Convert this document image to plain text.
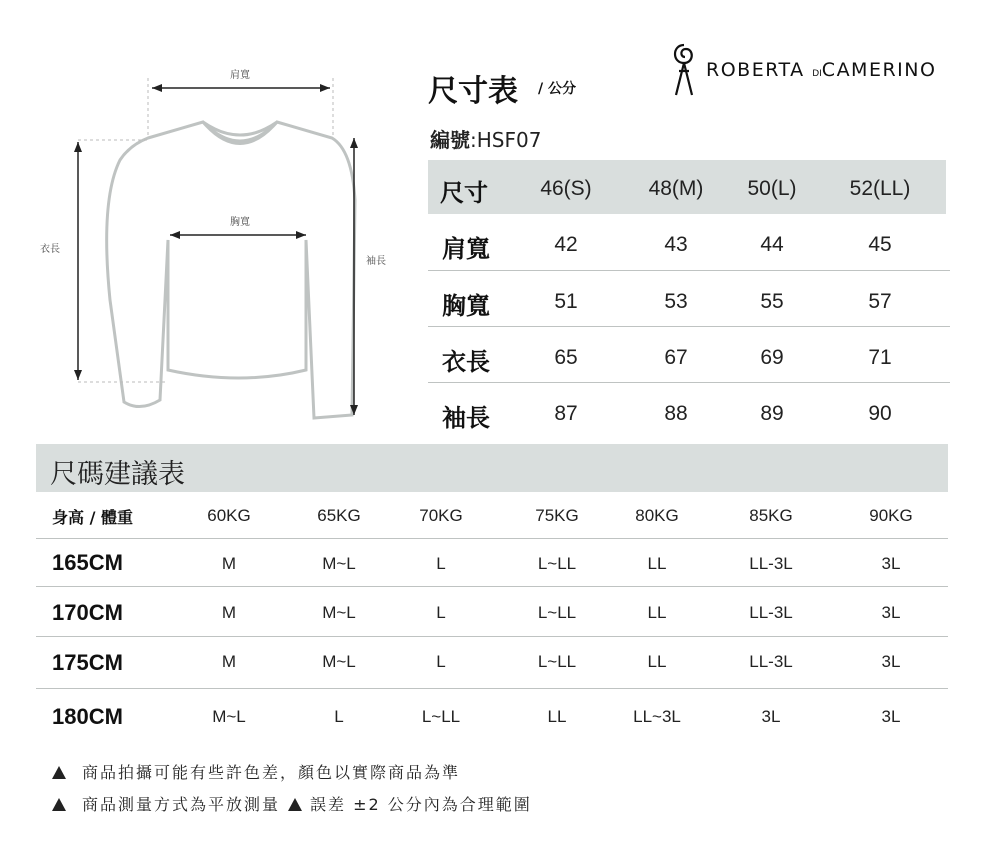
肩寬
胸寬
衣長
袖長
尺寸表 / 公分
編號:HSF07
ROBERTA DICAMERINO
尺寸	46(S)	48(M)	50(L)	52(LL)
肩寬	42	43	44	45
胸寬	51	53	55	57
衣長	65	67	69	71
袖長	87	88	89	90
尺碼建議表
身高 / 體重	60KG	65KG	70KG	75KG	80KG	85KG	90KG
165CM	M	M~L	L	L~LL	LL	LL-3L	3L
170CM	M	M~L	L	L~LL	LL	LL-3L	3L
175CM	M	M~L	L	L~LL	LL	LL-3L	3L
180CM	M~L	L	L~LL	LL	LL~3L	3L	3L
商品拍攝可能有些許色差，顏色以實際商品為準
商品測量方式為平放測量 誤差 ±2 公分內為合理範圍
